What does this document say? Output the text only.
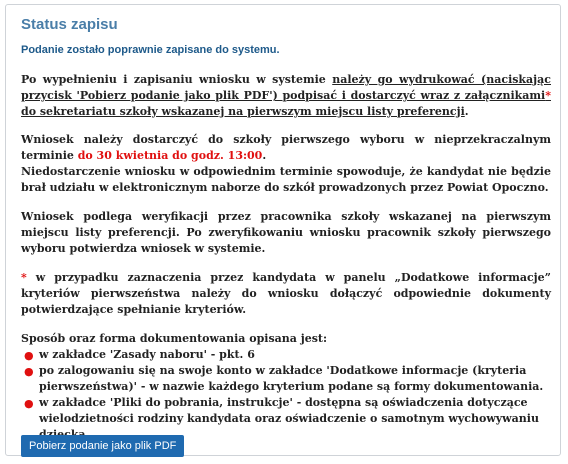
Status zapisu
Podanie zostało poprawnie zapisane do systemu.

Po wypełnieniu i zapisaniu wniosku w systemie należy go wydrukować (naciskając przycisk 'Pobierz podanie jako plik PDF') podpisać i dostarczyć wraz z załącznikami* do sekretariatu szkoły wskazanej na pierwszym miejscu listy preferencji.

Wniosek należy dostarczyć do szkoły pierwszego wyboru w nieprzekraczalnym terminie do 30 kwietnia do godz. 13:00.

Niedostarczenie wniosku w odpowiednim terminie spowoduje, że kandydat nie będzie brał udziału w elektronicznym naborze do szkół prowadzonych przez Powiat Opoczno.

Wniosek podlega weryfikacji przez pracownika szkoły wskazanej na pierwszym miejscu listy preferencji. Po zweryfikowaniu wniosku pracownik szkoły pierwszego wyboru potwierdza wniosek w systemie.

* w przypadku zaznaczenia przez kandydata w panelu „Dodatkowe informacje” kryteriów pierwszeństwa należy do wniosku dołączyć odpowiednie dokumenty potwierdzające spełnianie kryteriów.

Sposób oraz forma dokumentowania opisana jest:

● w zakładce 'Zasady naboru' - pkt. 6
● po zalogowaniu się na swoje konto w zakładce 'Dodatkowe informacje (kryteria pierwszeństwa)' - w nazwie każdego kryterium podane są formy dokumentowania.
● w zakładce 'Pliki do pobrania, instrukcje' - dostępna są oświadczenia dotyczące wielodzietności rodziny kandydata oraz oświadczenie o samotnym wychowywaniu
Pobierz podanie jako plik PDF
